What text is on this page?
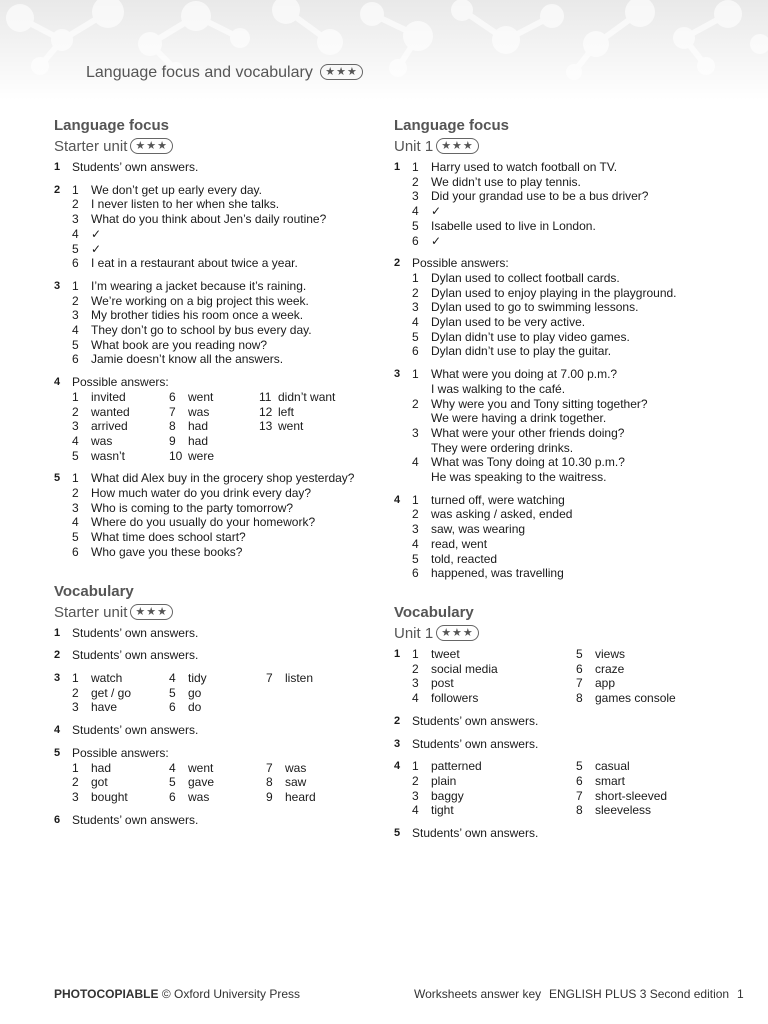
Language focus and vocabulary ★★★
Language focus
Starter unit ★★★
1 Students’ own answers.
2 1 We don’t get up early every day.
2 I never listen to her when she talks.
3 What do you think about Jen’s daily routine?
4 ✓
5 ✓
6 I eat in a restaurant about twice a year.
3 1 I’m wearing a jacket because it’s raining.
2 We’re working on a big project this week.
3 My brother tidies his room once a week.
4 They don’t go to school by bus every day.
5 What book are you reading now?
6 Jamie doesn’t know all the answers.
4 Possible answers:
1 invited	6 went	11 didn’t want
2 wanted	7 was	12 left
3 arrived	8 had	13 went
4 was	9 had
5 wasn’t	10 were
5 1 What did Alex buy in the grocery shop yesterday?
2 How much water do you drink every day?
3 Who is coming to the party tomorrow?
4 Where do you usually do your homework?
5 What time does school start?
6 Who gave you these books?
Vocabulary
Starter unit ★★★
1 Students’ own answers.
2 Students’ own answers.
3 1 watch	4 tidy	7 listen
2 get / go	5 go
3 have	6 do
4 Students’ own answers.
5 Possible answers:
1 had	4 went	7 was
2 got	5 gave	8 saw
3 bought	6 was	9 heard
6 Students’ own answers.
Language focus
Unit 1 ★★★
1 1 Harry used to watch football on TV.
2 We didn’t use to play tennis.
3 Did your grandad use to be a bus driver?
4 ✓
5 Isabelle used to live in London.
6 ✓
2 Possible answers:
1 Dylan used to collect football cards.
2 Dylan used to enjoy playing in the playground.
3 Dylan used to go to swimming lessons.
4 Dylan used to be very active.
5 Dylan didn’t use to play video games.
6 Dylan didn’t use to play the guitar.
3 1 What were you doing at 7.00 p.m.?
I was walking to the café.
2 Why were you and Tony sitting together?
We were having a drink together.
3 What were your other friends doing?
They were ordering drinks.
4 What was Tony doing at 10.30 p.m.?
He was speaking to the waitress.
4 1 turned off, were watching
2 was asking / asked, ended
3 saw, was wearing
4 read, went
5 told, reacted
6 happened, was travelling
Vocabulary
Unit 1 ★★★
1 1 tweet	5 views
2 social media	6 craze
3 post	7 app
4 followers	8 games console
2 Students’ own answers.
3 Students’ own answers.
4 1 patterned	5 casual
2 plain	6 smart
3 baggy	7 short-sleeved
4 tight	8 sleeveless
5 Students’ own answers.
PHOTOCOPIABLE © Oxford University Press	Worksheets answer key ENGLISH PLUS 3 Second edition 1
